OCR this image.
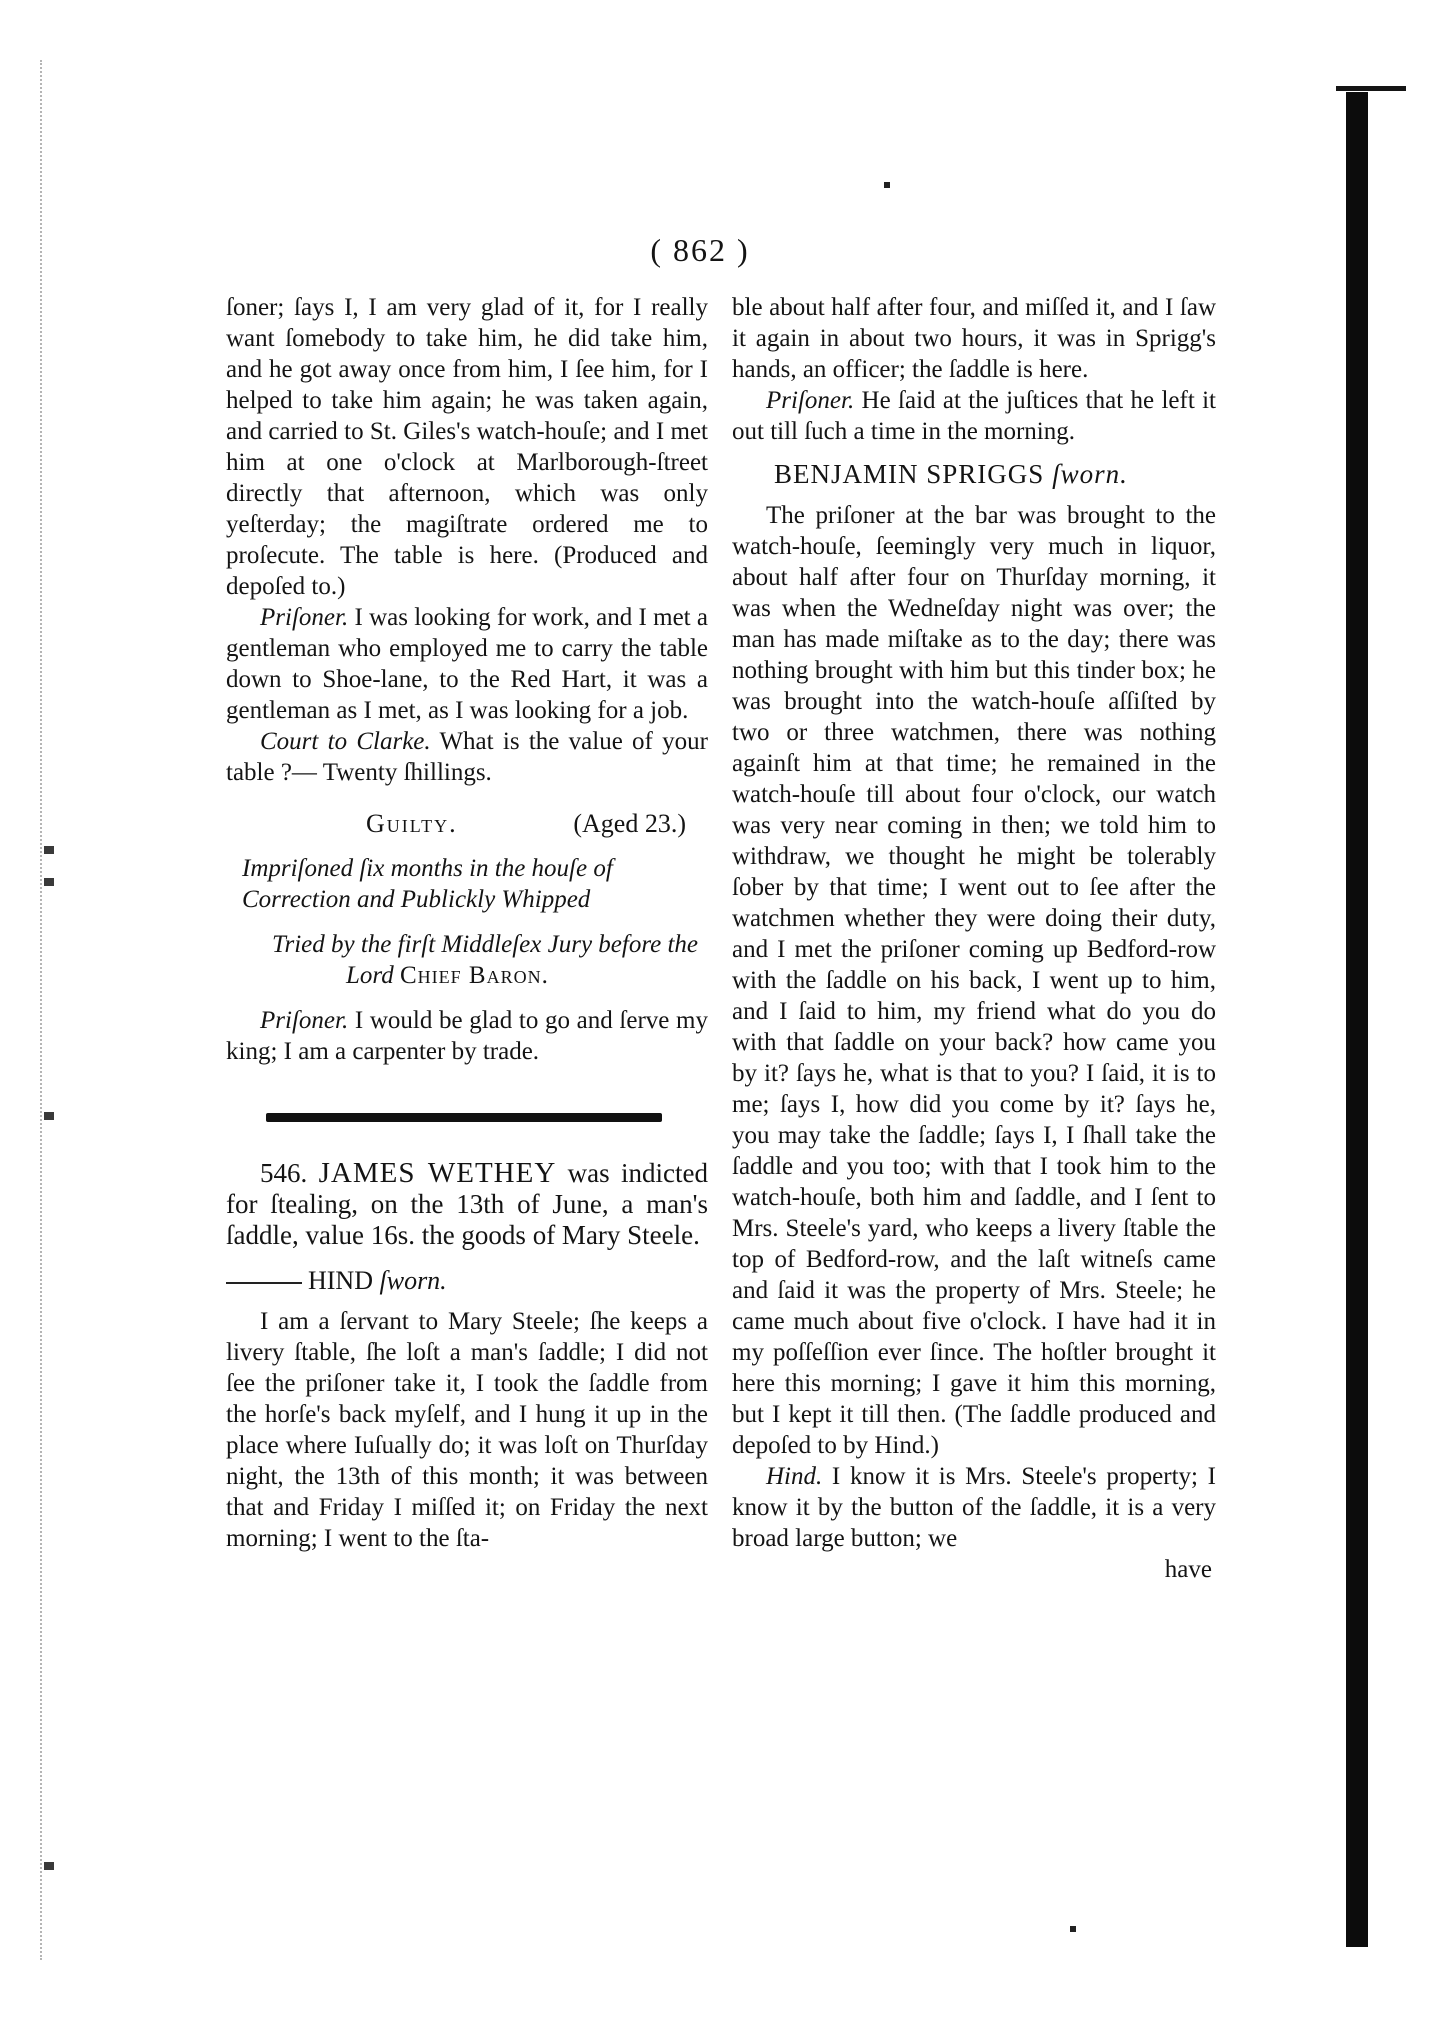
( 862 )

ſoner; ſays I, I am very glad of it, for I really want ſomebody to take him, he did take him, and he got away once from him, I ſee him, for I helped to take him again; he was taken again, and carried to St. Giles's watch-houſe; and I met him at one o'clock at Marlborough-ſtreet directly that afternoon, which was only yeſterday; the magiſtrate ordered me to proſecute. The table is here. (Produced and depoſed to.)

Priſoner. I was looking for work, and I met a gentleman who employed me to carry the table down to Shoe-lane, to the Red Hart, it was a gentleman as I met, as I was looking for a job.

Court to Clarke. What is the value of your table ?— Twenty ſhillings.

Guilty.	(Aged 23.)

Impriſoned ſix months in the houſe of Correction and Publickly Whipped

Tried by the firſt Middleſex Jury before the

Lord Chief Baron.

Priſoner. I would be glad to go and ſerve my king; I am a carpenter by trade.

546. JAMES WETHEY was indicted for ſtealing, on the 13th of June, a man's ſaddle, value 16s. the goods of Mary Steele.

HIND ſworn.

I am a ſervant to Mary Steele; ſhe keeps a livery ſtable, ſhe loſt a man's ſaddle; I did not ſee the priſoner take it, I took the ſaddle from the horſe's back myſelf, and I hung it up in the place where Iuſually do; it was loſt on Thurſday night, the 13th of this month; it was between that and Friday I miſſed it; on Friday the next morning; I went to the ſta-

ble about half after four, and miſſed it, and I ſaw it again in about two hours, it was in Sprigg's hands, an officer; the ſaddle is here.

Priſoner. He ſaid at the juſtices that he left it out till ſuch a time in the morning.

BENJAMIN SPRIGGS ſworn.

The priſoner at the bar was brought to the watch-houſe, ſeemingly very much in liquor, about half after four on Thurſday morning, it was when the Wedneſday night was over; the man has made miſtake as to the day; there was nothing brought with him but this tinder box; he was brought into the watch-houſe aſſiſted by two or three watchmen, there was nothing againſt him at that time; he remained in the watch-houſe till about four o'clock, our watch was very near coming in then; we told him to withdraw, we thought he might be tolerably ſober by that time; I went out to ſee after the watchmen whether they were doing their duty, and I met the priſoner coming up Bedford-row with the ſaddle on his back, I went up to him, and I ſaid to him, my friend what do you do with that ſaddle on your back? how came you by it? ſays he, what is that to you? I ſaid, it is to me; ſays I, how did you come by it? ſays he, you may take the ſaddle; ſays I, I ſhall take the ſaddle and you too; with that I took him to the watch-houſe, both him and ſaddle, and I ſent to Mrs. Steele's yard, who keeps a livery ſtable the top of Bedford-row, and the laſt witneſs came and ſaid it was the property of Mrs. Steele; he came much about five o'clock. I have had it in my poſſeſſion ever ſince. The hoſtler brought it here this morning; I gave it him this morning, but I kept it till then. (The ſaddle produced and depoſed to by Hind.)

Hind. I know it is Mrs. Steele's property; I know it by the button of the ſaddle, it is a very broad large button; we

have
